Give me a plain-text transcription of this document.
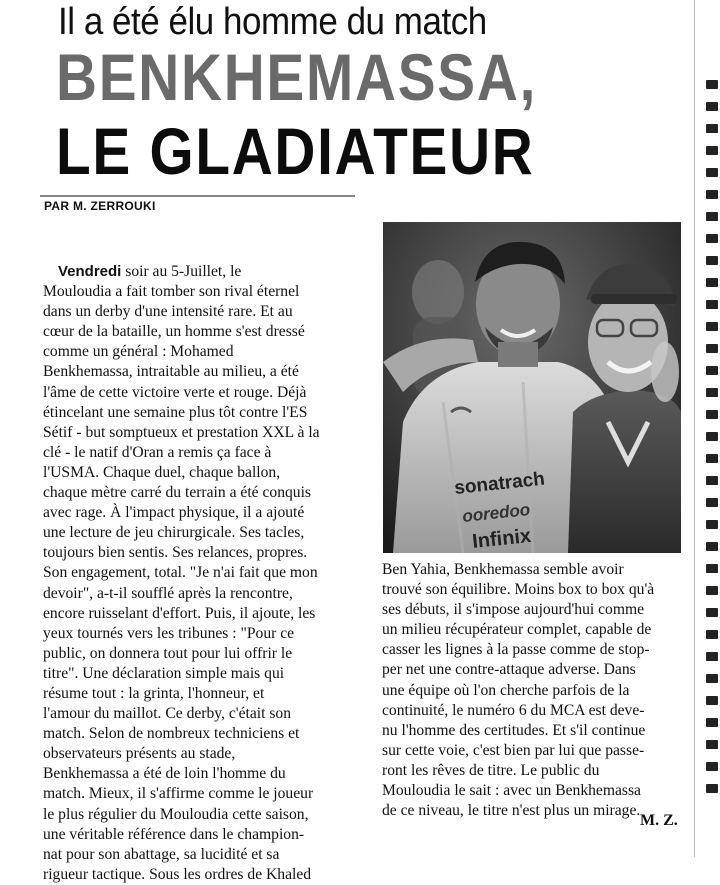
Il a été élu homme du match
BENKHEMASSA,
LE GLADIATEUR
PAR M. ZERROUKI

Vendredi soir au 5-Juillet, le
Mouloudia a fait tomber son rival éternel
dans un derby d'une intensité rare. Et au
cœur de la bataille, un homme s'est dressé
comme un général : Mohamed
Benkhemassa, intraitable au milieu, a été
l'âme de cette victoire verte et rouge. Déjà
étincelant une semaine plus tôt contre l'ES
Sétif - but somptueux et prestation XXL à la
clé - le natif d'Oran a remis ça face à
l'USMA. Chaque duel, chaque ballon,
chaque mètre carré du terrain a été conquis
avec rage. À l'impact physique, il a ajouté
une lecture de jeu chirurgicale. Ses tacles,
toujours bien sentis. Ses relances, propres.
Son engagement, total. "Je n'ai fait que mon
devoir", a-t-il soufflé après la rencontre,
encore ruisselant d'effort. Puis, il ajoute, les
yeux tournés vers les tribunes : "Pour ce
public, on donnera tout pour lui offrir le
titre". Une déclaration simple mais qui
résume tout : la grinta, l'honneur, et
l'amour du maillot. Ce derby, c'était son
match. Selon de nombreux techniciens et
observateurs présents au stade,
Benkhemassa a été de loin l'homme du
match. Mieux, il s'affirme comme le joueur
le plus régulier du Mouloudia cette saison,
une véritable référence dans le champion-
nat pour son abattage, sa lucidité et sa
rigueur tactique. Sous les ordres de Khaled

sonatrach
ooredoo
Infinix

Ben Yahia, Benkhemassa semble avoir
trouvé son équilibre. Moins box to box qu'à
ses débuts, il s'impose aujourd'hui comme
un milieu récupérateur complet, capable de
casser les lignes à la passe comme de stop-
per net une contre-attaque adverse. Dans
une équipe où l'on cherche parfois de la
continuité, le numéro 6 du MCA est deve-
nu l'homme des certitudes. Et s'il continue
sur cette voie, c'est bien par lui que passe-
ront les rêves de titre. Le public du
Mouloudia le sait : avec un Benkhemassa
de ce niveau, le titre n'est plus un mirage.

M. Z.
